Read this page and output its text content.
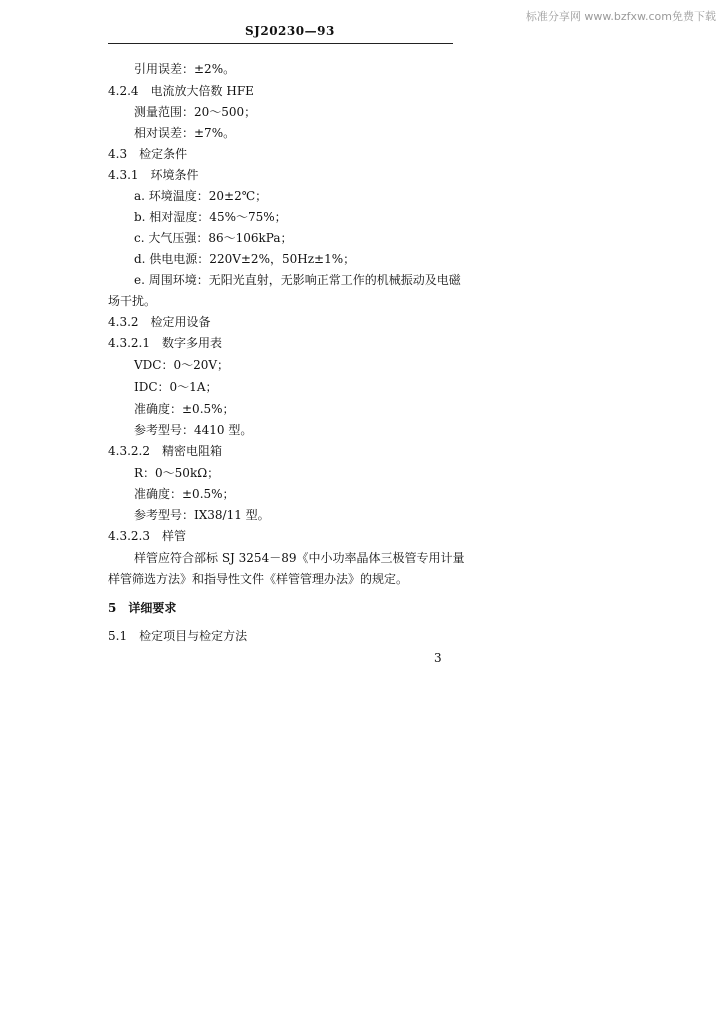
标准分享网 www.bzfxw.com免费下载
SJ20230—93
引用误差：±2%。
4.2.4　电流放大倍数 HFE
测量范围：20～500；
相对误差：±7%。
4.3　检定条件
4.3.1　环境条件
a. 环境温度：20±2℃；
b. 相对湿度：45%～75%；
c. 大气压强：86～106kPa；
d. 供电电源：220V±2%，50Hz±1%；
e. 周围环境：无阳光直射，无影响正常工作的机械振动及电磁
场干扰。
4.3.2　检定用设备
4.3.2.1　数字多用表
VDC：0～20V；
IDC：0～1A；
准确度：±0.5%；
参考型号：4410 型。
4.3.2.2　精密电阻箱
R：0～50kΩ；
准确度：±0.5%；
参考型号：IX38/11 型。
4.3.2.3　样管
样管应符合部标 SJ 3254－89《中小功率晶体三极管专用计量
样管筛选方法》和指导性文件《样管管理办法》的规定。
5　详细要求
5.1　检定项目与检定方法
3
